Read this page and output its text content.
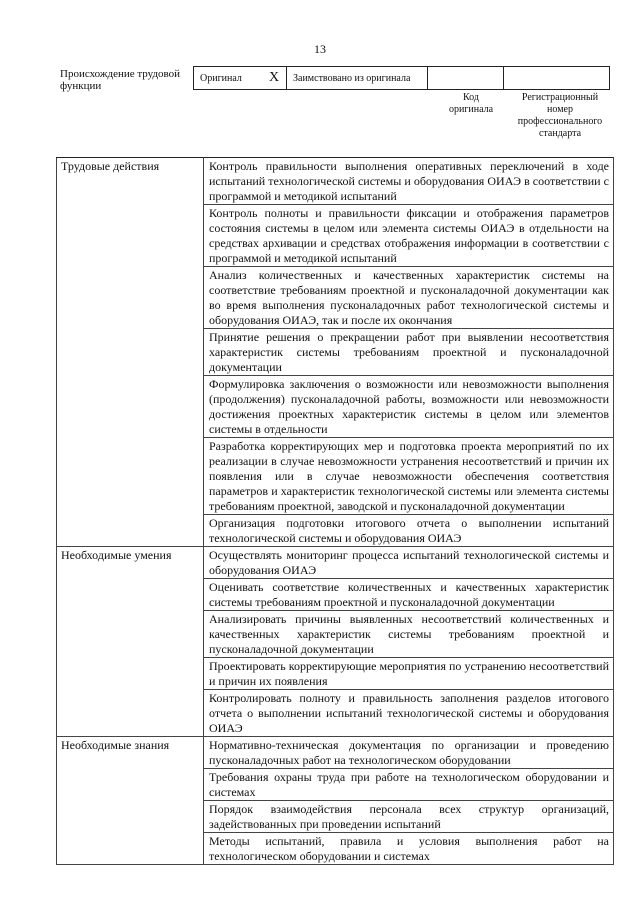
13
Происхождение трудовой функции
Оригинал	X	Заимствовано из оригинала		
Код оригинала
Регистрационный номер профессионального стандарта
Трудовые действия	Контроль правильности выполнения оперативных переключений в ходе испытаний технологической системы и оборудования ОИАЭ в соответствии с программой и методикой испытаний
	Контроль полноты и правильности фиксации и отображения параметров состояния системы в целом или элемента системы ОИАЭ в отдельности на средствах архивации и средствах отображения информации в соответствии с программой и методикой испытаний
	Анализ количественных и качественных характеристик системы на соответствие требованиям проектной и пусконаладочной документации как во время выполнения пусконаладочных работ технологической системы и оборудования ОИАЭ, так и после их окончания
	Принятие решения о прекращении работ при выявлении несоответствия характеристик системы требованиям проектной и пусконаладочной документации
	Формулировка заключения о возможности или невозможности выполнения (продолжения) пусконаладочной работы, возможности или невозможности достижения проектных характеристик системы в целом или элементов системы в отдельности
	Разработка корректирующих мер и подготовка проекта мероприятий по их реализации в случае невозможности устранения несоответствий и причин их появления или в случае невозможности обеспечения соответствия параметров и характеристик технологической системы или элемента системы требованиям проектной, заводской и пусконаладочной документации
	Организация подготовки итогового отчета о выполнении испытаний технологической системы и оборудования ОИАЭ
Необходимые умения	Осуществлять мониторинг процесса испытаний технологической системы и оборудования ОИАЭ
	Оценивать соответствие количественных и качественных характеристик системы требованиям проектной и пусконаладочной документации
	Анализировать причины выявленных несоответствий количественных и качественных характеристик системы требованиям проектной и пусконаладочной документации
	Проектировать корректирующие мероприятия по устранению несоответствий и причин их появления
	Контролировать полноту и правильность заполнения разделов итогового отчета о выполнении испытаний технологической системы и оборудования ОИАЭ
Необходимые знания	Нормативно-техническая документация по организации и проведению пусконаладочных работ на технологическом оборудовании
	Требования охраны труда при работе на технологическом оборудовании и системах
	Порядок взаимодействия персонала всех структур организаций, задействованных при проведении испытаний
	Методы испытаний, правила и условия выполнения работ на технологическом оборудовании и системах
